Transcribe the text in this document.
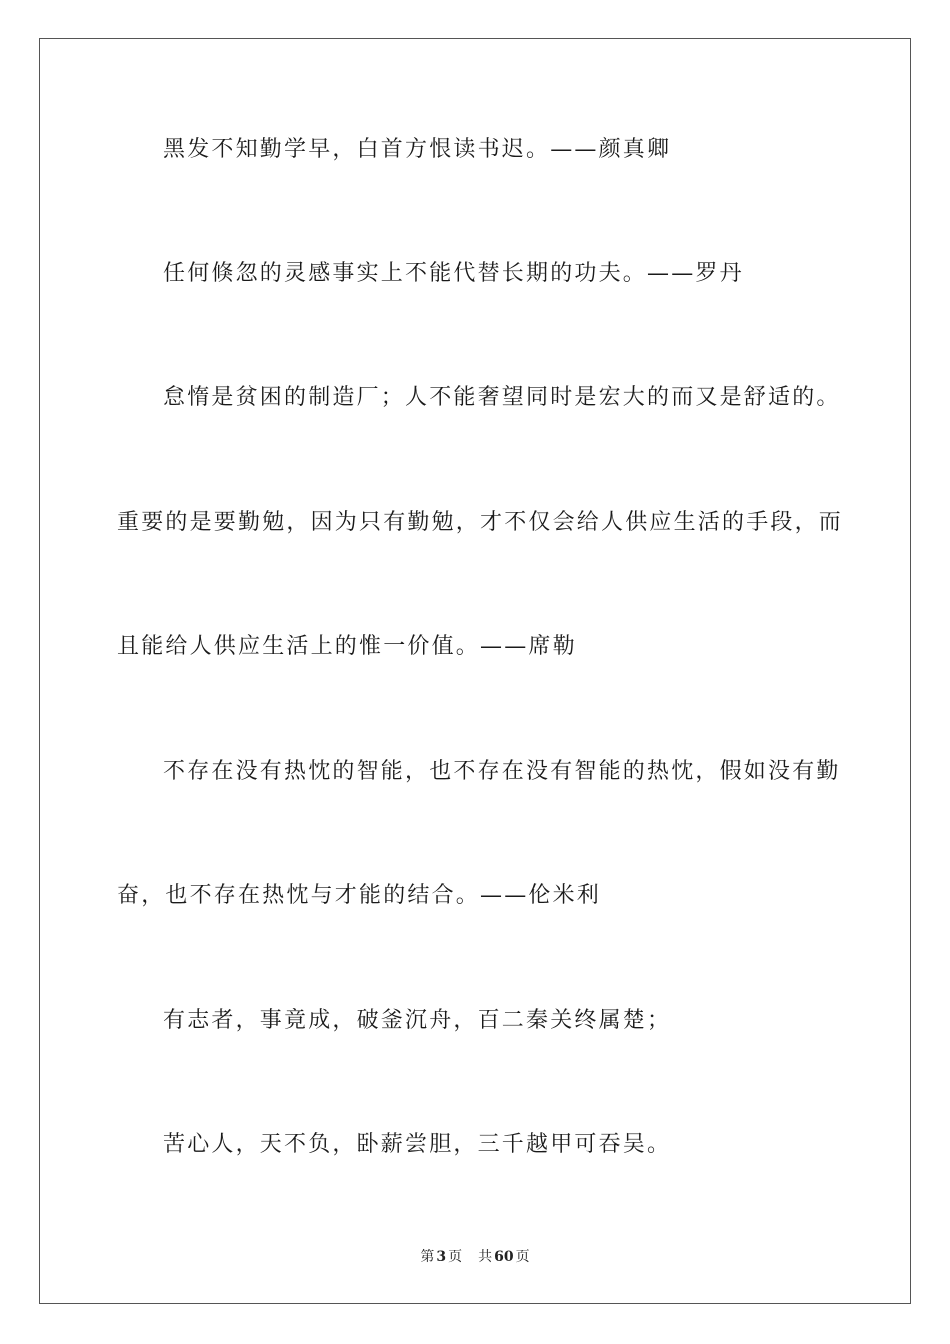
黑发不知勤学早，白首方恨读书迟。——颜真卿
任何倏忽的灵感事实上不能代替长期的功夫。——罗丹
怠惰是贫困的制造厂；人不能奢望同时是宏大的而又是舒适的。
重要的是要勤勉，因为只有勤勉，才不仅会给人供应生活的手段，而
且能给人供应生活上的惟一价值。——席勒
不存在没有热忱的智能，也不存在没有智能的热忱，假如没有勤
奋，也不存在热忱与才能的结合。——伦米利
有志者，事竟成，破釜沉舟，百二秦关终属楚；
苦心人，天不负，卧薪尝胆，三千越甲可吞吴。
第 3 页 共 60 页
